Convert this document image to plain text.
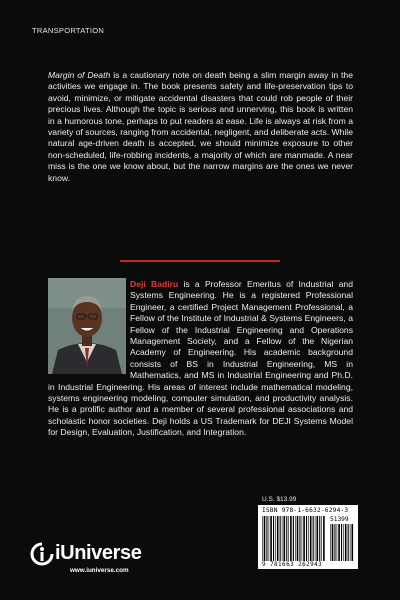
TRANSPORTATION

Margin of Death is a cautionary note on death being a slim margin away in the activities we engage in. The book presents safety and life-preservation tips to avoid, minimize, or mitigate accidental disasters that could rob people of their precious lives. Although the topic is serious and unnerving, this book is written in a humorous tone, perhaps to put readers at ease. Life is always at risk from a variety of sources, ranging from accidental, negligent, and deliberate acts. While natural age-driven death is accepted, we should minimize exposure to other non-scheduled, life-robbing incidents, a majority of which are manmade. A near miss is the one we know about, but the narrow margins are the ones we never know.

Deji Badiru is a Professor Emeritus of Industrial and Systems Engineering. He is a registered Professional Engineer, a certified Project Management Professional, a Fellow of the Institute of Industrial & Systems Engineers, a Fellow of the Industrial Engineering and Operations Management Society, and a Fellow of the Nigerian Academy of Engineering. His academic background consists of BS in Industrial Engineering, MS in Mathematics, and MS in Industrial Engineering and Ph.D. in Industrial Engineering. His areas of interest include mathematical modeling, systems engineering modeling, computer simulation, and productivity analysis. He is a prolific author and a member of several professional associations and scholastic honor societies. Deji holds a US Trademark for DEJI Systems Model for Design, Evaluation, Justification, and Integration.

U.S. $13.99
ISBN 978-1-6632-6294-3
51399
9 781663 262943
iUniverse
www.iuniverse.com
